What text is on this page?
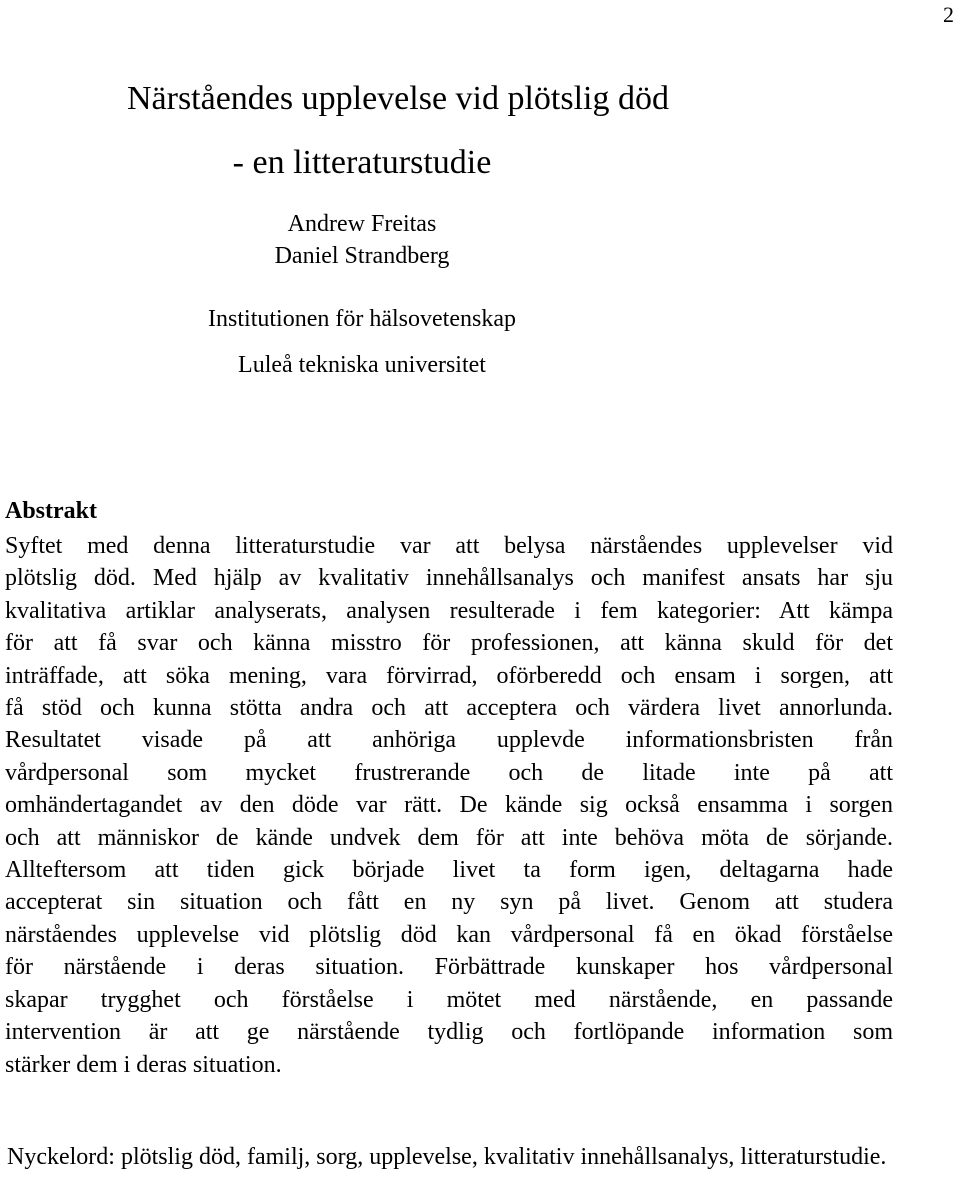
2
Närståendes upplevelse vid plötslig död
- en litteraturstudie
Andrew Freitas
Daniel Strandberg
Institutionen för hälsovetenskap
Luleå tekniska universitet
Abstrakt
Syftet med denna litteraturstudie var att belysa närståendes upplevelser vid
plötslig död. Med hjälp av kvalitativ innehållsanalys och manifest ansats har sju
kvalitativa artiklar analyserats, analysen resulterade i fem kategorier: Att kämpa
för att få svar och känna misstro för professionen, att känna skuld för det
inträffade, att söka mening, vara förvirrad, oförberedd och ensam i sorgen, att
få stöd och kunna stötta andra och att acceptera och värdera livet annorlunda.
Resultatet visade på att anhöriga upplevde informationsbristen från
vårdpersonal som mycket frustrerande och de litade inte på att
omhändertagandet av den döde var rätt. De kände sig också ensamma i sorgen
och att människor de kände undvek dem för att inte behöva möta de sörjande.
Allteftersom att tiden gick började livet ta form igen, deltagarna hade
accepterat sin situation och fått en ny syn på livet. Genom att studera
närståendes upplevelse vid plötslig död kan vårdpersonal få en ökad förståelse
för närstående i deras situation. Förbättrade kunskaper hos vårdpersonal
skapar trygghet och förståelse i mötet med närstående, en passande
intervention är att ge närstående tydlig och fortlöpande information som
stärker dem i deras situation.

Nyckelord: plötslig död, familj, sorg, upplevelse, kvalitativ innehållsanalys, litteraturstudie.
